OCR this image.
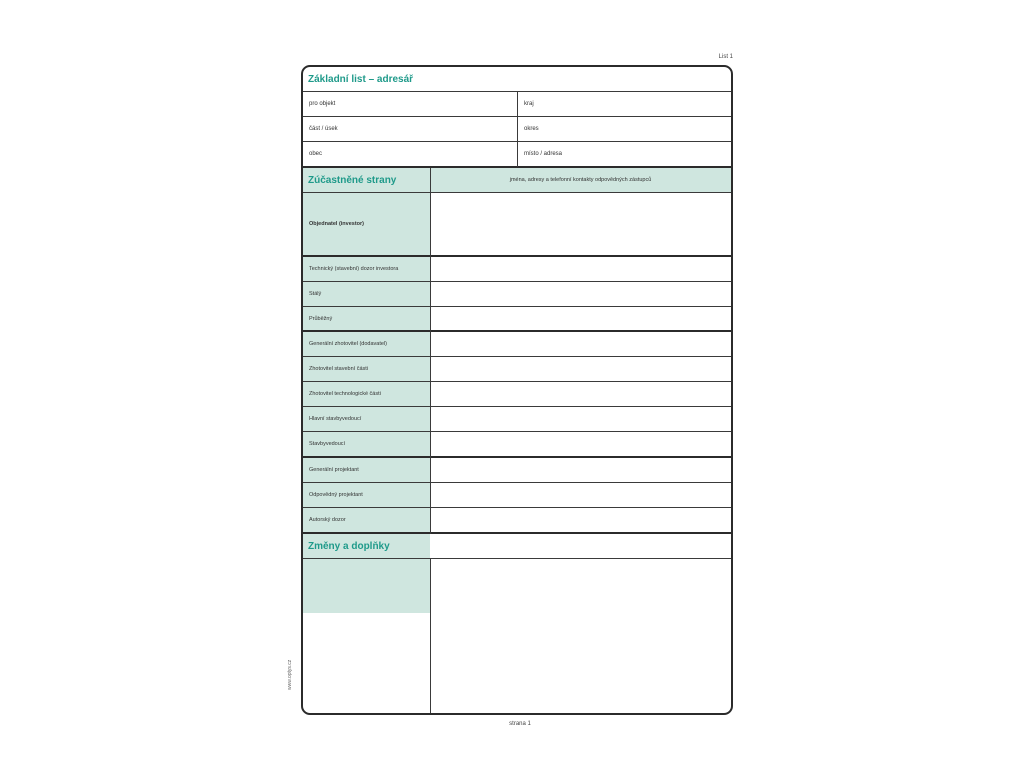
List 1
www.optys.cz
strana 1
Základní list – adresář
pro objekt	kraj
část / úsek	okres
obec	místo / adresa
Zúčastněné strany	jména, adresy a telefonní kontakty odpovědných zástupců
Objednatel (investor)
Technický (stavební) dozor investora
Stálý
Průběžný
Generální zhotovitel (dodavatel)
Zhotovitel stavební části
Zhotovitel technologické části
Hlavní stavbyvedoucí
Stavbyvedoucí
Generální projektant
Odpovědný projektant
Autorský dozor
Změny a doplňky
